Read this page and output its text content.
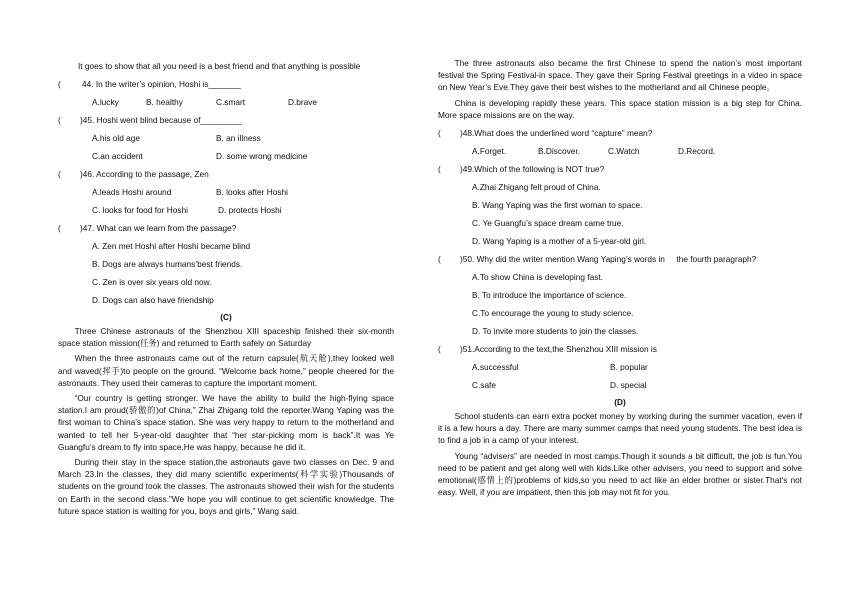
It goes to show that all you need is a best friend and that anything is possible
(	44. In the writer’s opinion, Hoshi is_______
A.lucky	B. healthy	C.smart	D.brave
( )45. Hoshi went blind because of_________
A.his old age	B. an illness
C.an accident	D. some wrong medicine
( )46. According to the passage, Zen
A.leads Hoshi around	B. looks after Hoshi
C. looks for food for Hoshi	D. protects Hoshi
( )47. What can we learn from the passage?
A. Zen met Hoshi after Hoshi became blind
B. Dogs are always humans’best friends.
C. Zen is over six years old now.
D. Dogs can also have friendship
(C)

Three Chinese astronauts of the Shenzhou XIII spaceship finished their six-month space station mission(任务) and returned to Earth safely on Saturday

When the three astronauts came out of the return capsule(航天舱),they looked well and waved(挥手)to people on the ground. “Welcome back home,” people cheered for the astronauts. They used their cameras to capture the important moment.

“Our country is getting stronger. We have the ability to build the high-flying space station.I am proud(骄傲的)of China,” Zhai Zhigang told the reporter.Wang Yaping was the first woman to China’s space station. She was very happy to return to the motherland and wanted to tell her 5-year-old daughter that “her star-picking mom is back”.It was Ye Guangfu’s dream to fly into space.He was happy, because he did it.

During their stay in the space station,the astronauts gave two classes on Dec. 9 and March 23.In the classes, they did many scientific experiments(科学实验)Thousands of students on the ground took the classes. The astronauts showed their wish for the students on Earth in the second class.”We hope you will continue to get scientific knowledge. The future space station is waiting for you, boys and girls,” Wang said.

The three astronauts also became the first Chinese to spend the nation’s most important festival the Spring Festival-in space. They gave their Spring Festival greetings in a video in space on New Year’s Eve.They gave their best wishes to the motherland and all Chinese people。

China is developing rapidly these years. This space station mission is a big step for China. More space missions are on the way.

( )48.What does the underlined word “capture” mean?
A.Forget.	B.Discover.	C.Watch	D.Record.
( )49.Which of the following is NOT true?
A.Zhai Zhigang felt proud of China.
B. Wang Yaping was the first woman to space.
C. Ye Guangfu’s space dream came true.
D. Wang Yaping is a mother of a 5-year-old girl.
( )50. Why did the writer mention Wang Yaping’s words in     the fourth paragraph?
A.To show China is developing fast.
B. To introduce the importance of science.
C.To encourage the young to study science.
D. To invite more students to join the classes.
( )51.According to the text,the Shenzhou XIII mission is
A.successful	B. popular
C.safe	D. special
(D)

School students can earn extra pocket money by working during the summer vacation, even if it is a few hours a day. There are many summer camps that need young students. The best idea is to find a job in a camp of your interest.

Young “advisers” are needed in most camps.Though it sounds a bit difficult, the job is fun.You need to be patient and get along well with kids.Like other advisers, you need to support and solve emotional(感情上的)problems of kids,so you need to act like an elder brother or sister.That's not easy. Well, if you are impatient, then this job may not fit for you.
